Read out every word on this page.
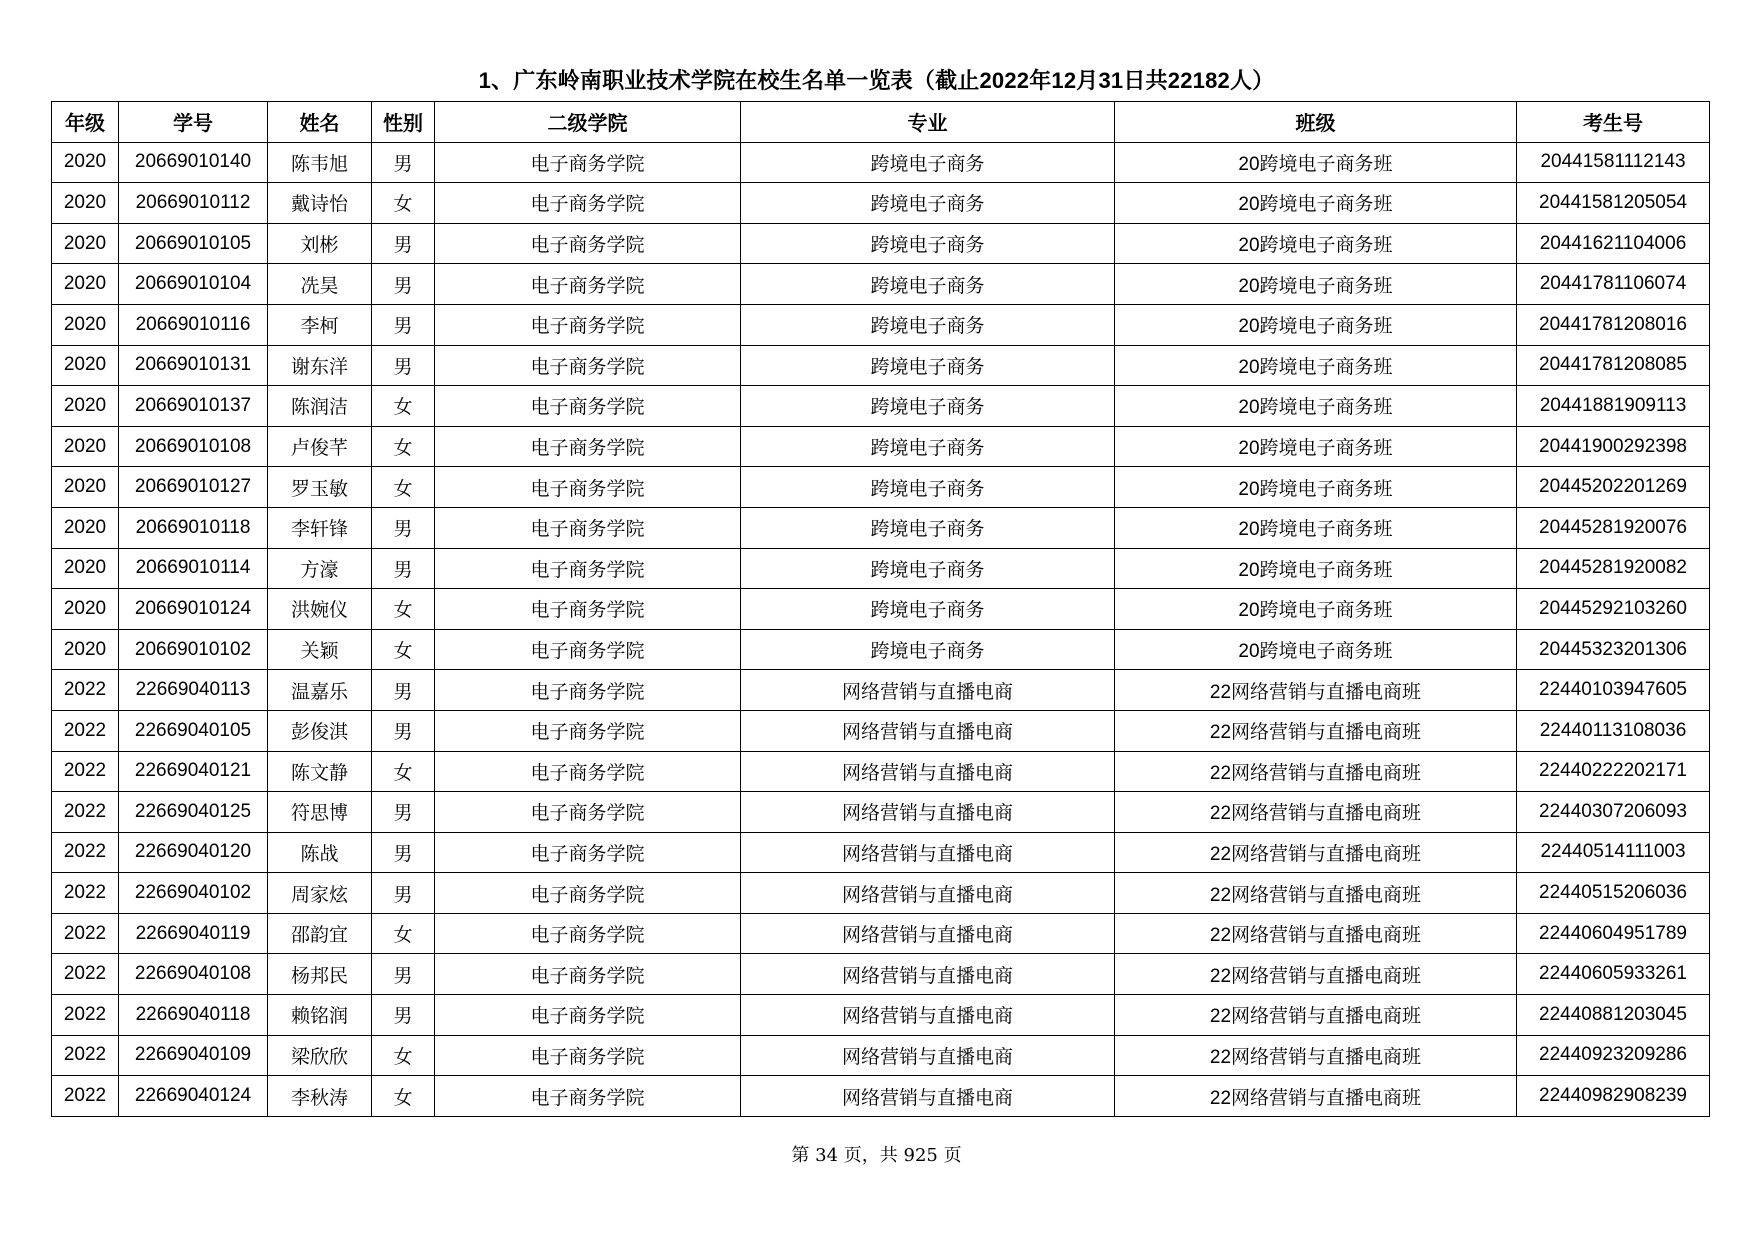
1、广东岭南职业技术学院在校生名单一览表（截止2022年12月31日共22182人）
年级	学号	姓名	性别	二级学院	专业	班级	考生号
2020	20669010140	陈韦旭	男	电子商务学院	跨境电子商务	20跨境电子商务班	20441581112143
2020	20669010112	戴诗怡	女	电子商务学院	跨境电子商务	20跨境电子商务班	20441581205054
2020	20669010105	刘彬	男	电子商务学院	跨境电子商务	20跨境电子商务班	20441621104006
2020	20669010104	冼昊	男	电子商务学院	跨境电子商务	20跨境电子商务班	20441781106074
2020	20669010116	李柯	男	电子商务学院	跨境电子商务	20跨境电子商务班	20441781208016
2020	20669010131	谢东洋	男	电子商务学院	跨境电子商务	20跨境电子商务班	20441781208085
2020	20669010137	陈润洁	女	电子商务学院	跨境电子商务	20跨境电子商务班	20441881909113
2020	20669010108	卢俊芊	女	电子商务学院	跨境电子商务	20跨境电子商务班	20441900292398
2020	20669010127	罗玉敏	女	电子商务学院	跨境电子商务	20跨境电子商务班	20445202201269
2020	20669010118	李轩锋	男	电子商务学院	跨境电子商务	20跨境电子商务班	20445281920076
2020	20669010114	方濠	男	电子商务学院	跨境电子商务	20跨境电子商务班	20445281920082
2020	20669010124	洪婉仪	女	电子商务学院	跨境电子商务	20跨境电子商务班	20445292103260
2020	20669010102	关颖	女	电子商务学院	跨境电子商务	20跨境电子商务班	20445323201306
2022	22669040113	温嘉乐	男	电子商务学院	网络营销与直播电商	22网络营销与直播电商班	22440103947605
2022	22669040105	彭俊淇	男	电子商务学院	网络营销与直播电商	22网络营销与直播电商班	22440113108036
2022	22669040121	陈文静	女	电子商务学院	网络营销与直播电商	22网络营销与直播电商班	22440222202171
2022	22669040125	符思博	男	电子商务学院	网络营销与直播电商	22网络营销与直播电商班	22440307206093
2022	22669040120	陈战	男	电子商务学院	网络营销与直播电商	22网络营销与直播电商班	22440514111003
2022	22669040102	周家炫	男	电子商务学院	网络营销与直播电商	22网络营销与直播电商班	22440515206036
2022	22669040119	邵韵宜	女	电子商务学院	网络营销与直播电商	22网络营销与直播电商班	22440604951789
2022	22669040108	杨邦民	男	电子商务学院	网络营销与直播电商	22网络营销与直播电商班	22440605933261
2022	22669040118	赖铭润	男	电子商务学院	网络营销与直播电商	22网络营销与直播电商班	22440881203045
2022	22669040109	梁欣欣	女	电子商务学院	网络营销与直播电商	22网络营销与直播电商班	22440923209286
2022	22669040124	李秋涛	女	电子商务学院	网络营销与直播电商	22网络营销与直播电商班	22440982908239
第 34 页，共 925 页
